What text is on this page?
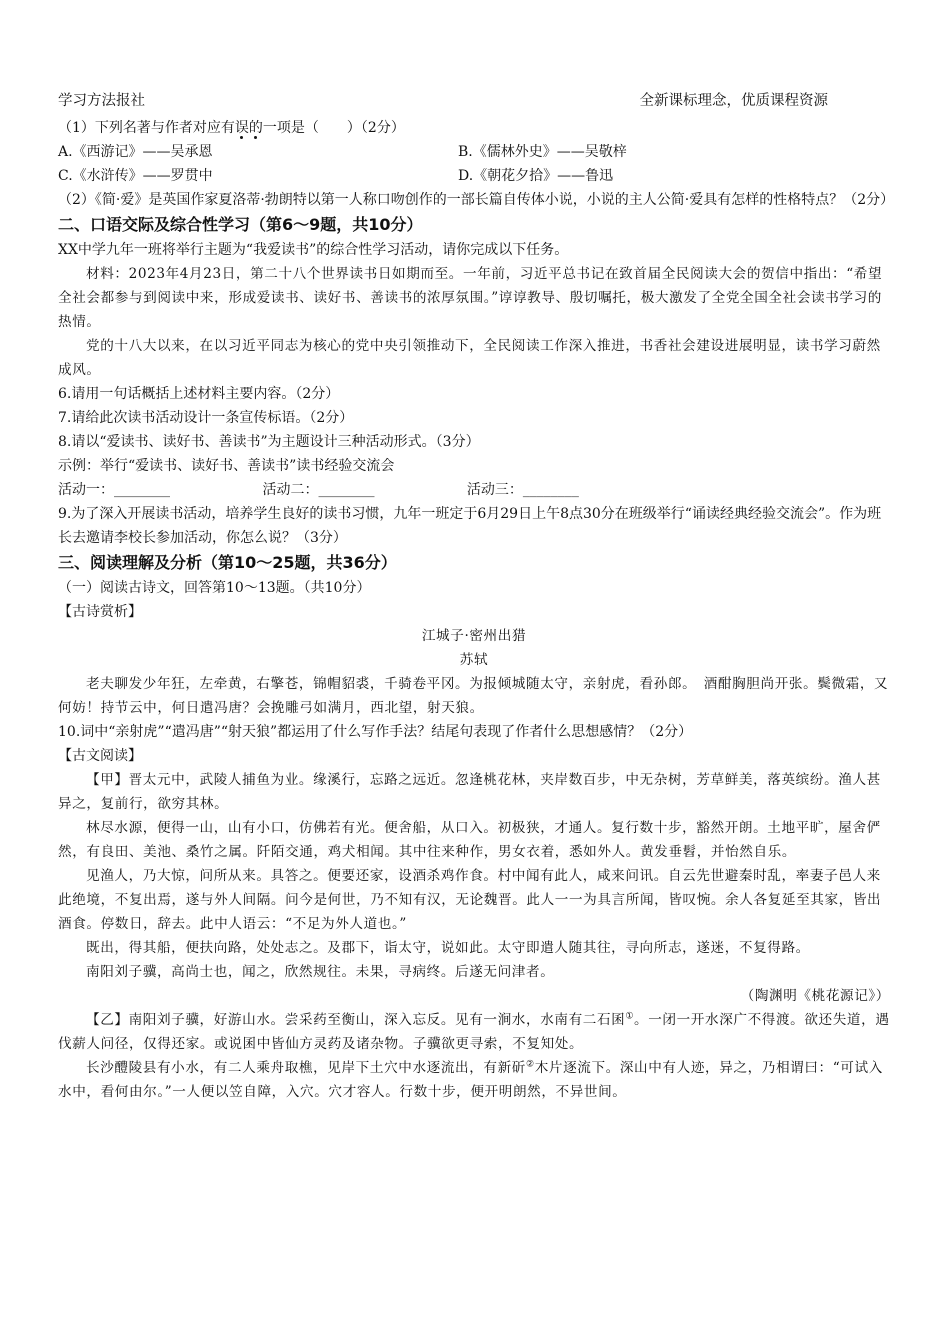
学习方法报社	全新课标理念，优质课程资源
（1）下列名著与作者对应有误的一项是（　　）（2分）
A.《西游记》——吴承恩	B.《儒林外史》——吴敬梓
C.《水浒传》——罗贯中	D.《朝花夕拾》——鲁迅
（2）《简·爱》是英国作家夏洛蒂·勃朗特以第一人称口吻创作的一部长篇自传体小说，小说的主人公简·爱具有怎样的性格特点？（2分）
二、口语交际及综合性学习（第6～9题，共10分）
XX中学九年一班将举行主题为“我爱读书”的综合性学习活动，请你完成以下任务。
材料：2023年4月23日，第二十八个世界读书日如期而至。一年前，习近平总书记在致首届全民阅读大会的贺信中指出：“希望全社会都参与到阅读中来，形成爱读书、读好书、善读书的浓厚氛围。”谆谆教导、殷切嘱托，极大激发了全党全国全社会读书学习的热情。
党的十八大以来，在以习近平同志为核心的党中央引领推动下，全民阅读工作深入推进，书香社会建设进展明显，读书学习蔚然成风。
6.请用一句话概括上述材料主要内容。（2分）
7.请给此次读书活动设计一条宣传标语。（2分）
8.请以“爱读书、读好书、善读书”为主题设计三种活动形式。（3分）
示例：举行“爱读书、读好书、善读书”读书经验交流会
活动一：________	活动二：________	活动三：________
9.为了深入开展读书活动，培养学生良好的读书习惯，九年一班定于6月29日上午8点30分在班级举行“诵读经典经验交流会”。作为班长去邀请李校长参加活动，你怎么说？（3分）
三、阅读理解及分析（第10～25题，共36分）
（一）阅读古诗文，回答第10～13题。（共10分）
【古诗赏析】
江城子·密州出猎
苏轼
老夫聊发少年狂，左牵黄，右擎苍，锦帽貂裘，千骑卷平冈。为报倾城随太守，亲射虎，看孙郎。　酒酣胸胆尚开张。鬓微霜，又何妨！持节云中，何日遣冯唐？会挽雕弓如满月，西北望，射天狼。
10.词中“亲射虎”“遣冯唐”“射天狼”都运用了什么写作手法？结尾句表现了作者什么思想感情？（2分）
【古文阅读】
【甲】晋太元中，武陵人捕鱼为业。缘溪行，忘路之远近。忽逢桃花林，夹岸数百步，中无杂树，芳草鲜美，落英缤纷。渔人甚异之，复前行，欲穷其林。
林尽水源，便得一山，山有小口，仿佛若有光。便舍船，从口入。初极狭，才通人。复行数十步，豁然开朗。土地平旷，屋舍俨然，有良田、美池、桑竹之属。阡陌交通，鸡犬相闻。其中往来种作，男女衣着，悉如外人。黄发垂髫，并怡然自乐。
见渔人，乃大惊，问所从来。具答之。便要还家，设酒杀鸡作食。村中闻有此人，咸来问讯。自云先世避秦时乱，率妻子邑人来此绝境，不复出焉，遂与外人间隔。问今是何世，乃不知有汉，无论魏晋。此人一一为具言所闻，皆叹惋。余人各复延至其家，皆出酒食。停数日，辞去。此中人语云：“不足为外人道也。”
既出，得其船，便扶向路，处处志之。及郡下，诣太守，说如此。太守即遣人随其往，寻向所志，遂迷，不复得路。
南阳刘子骥，高尚士也，闻之，欣然规往。未果，寻病终。后遂无问津者。
（陶渊明《桃花源记》）
【乙】南阳刘子骥，好游山水。尝采药至衡山，深入忘反。见有一涧水，水南有二石囷①。一闭一开水深广不得渡。欲还失道，遇伐薪人问径，仅得还家。或说囷中皆仙方灵药及诸杂物。子骥欲更寻索，不复知处。
长沙醴陵县有小水，有二人乘舟取樵，见岸下土穴中水逐流出，有新斫②木片逐流下。深山中有人迹，异之，乃相谓曰：“可试入水中，看何由尔。”一人便以笠自障，入穴。穴才容人。行数十步，便开明朗然，不异世间。
